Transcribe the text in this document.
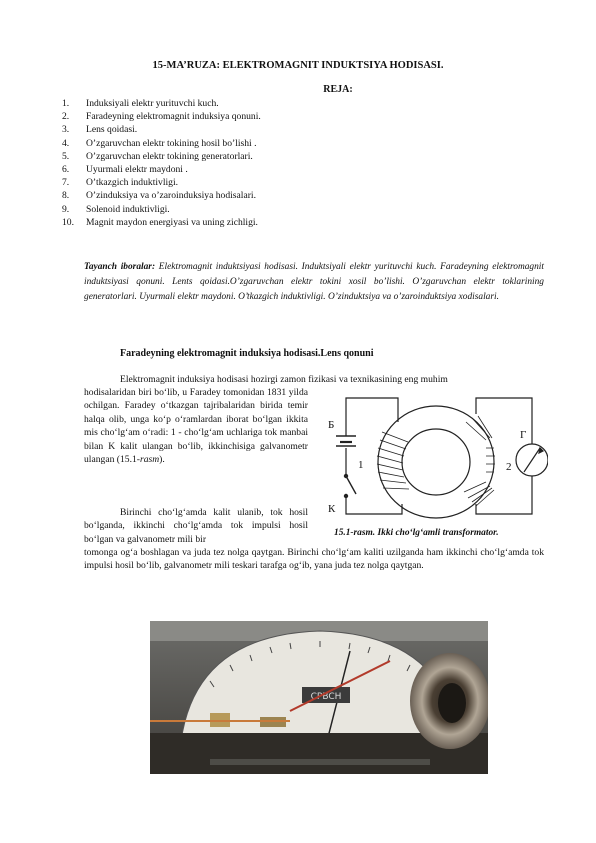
15-MA’RUZA: ELEKTROMAGNIT INDUKTSIYA HODISASI.
REJA:
1.	Induksiyali elektr yurituvchi kuch.
2.	Faradeyning elektromagnit induksiya qonuni.
3.	Lens qoidasi.
4.	O’zgaruvchan elektr tokining hosil bo’lishi .
5.	O’zgaruvchan elektr tokining generatorlari.
6.	Uyurmali elektr maydoni .
7.	O’tkazgich induktivligi.
8.	O’zinduksiya va o’zaroinduksiya hodisalari.
9.	Solenoid induktivligi.
10.	Magnit maydon energiyasi va uning zichligi.
Tayanch iboralar: Elektromagnit induktsiyasi hodisasi. Induktsiyali elektr yurituvchi kuch. Faradeyning elektromagnit induktsiyasi qonuni. Lents qoidasi.O’zgaruvchan elektr tokini xosil bo’lishi. O’zgaruvchan elektr toklarining generatorlari. Uyurmali elektr maydoni. O’tkazgich induktivligi. O’zinduktsiya va o’zaroinduktsiya xodisalari.
Faradeyning elektromagnit induksiya hodisasi.Lens qonuni
Elektromagnit induksiya hodisasi hozirgi zamon fizikasi va texnikasining eng muhim
hodisalaridan biri bo‘lib, u Faradey tomonidan 1831 yilda ochilgan. Faradey o‘tkazgan tajribalaridan birida temir halqa olib, unga ko‘p o‘ramlardan iborat bo‘lgan ikkita mis cho‘lg‘am o‘radi: 1 - cho‘lg‘am uchlariga tok manbai bilan K kalit ulangan bo‘lib, ikkinchisiga galvanometr ulangan (15.1-rasm).
Birinchi cho‘lg‘amda kalit ulanib, tok hosil bo‘lganda, ikkinchi cho‘lg‘amda tok impulsi hosil bo‘lgan va galvanometr mili bir
tomonga og‘a boshlagan va juda tez nolga qaytgan. Birinchi cho‘lg‘am kaliti uzilganda ham ikkinchi cho‘lg‘amda tok impulsi hosil bo‘lib, galvanometr mili teskari tarafga og‘ib, yana juda tez nolga qaytgan.
Б
1	2
К
Г
15.1-rasm. Ikki cho‘lg‘amli transformator.
CPBCH
